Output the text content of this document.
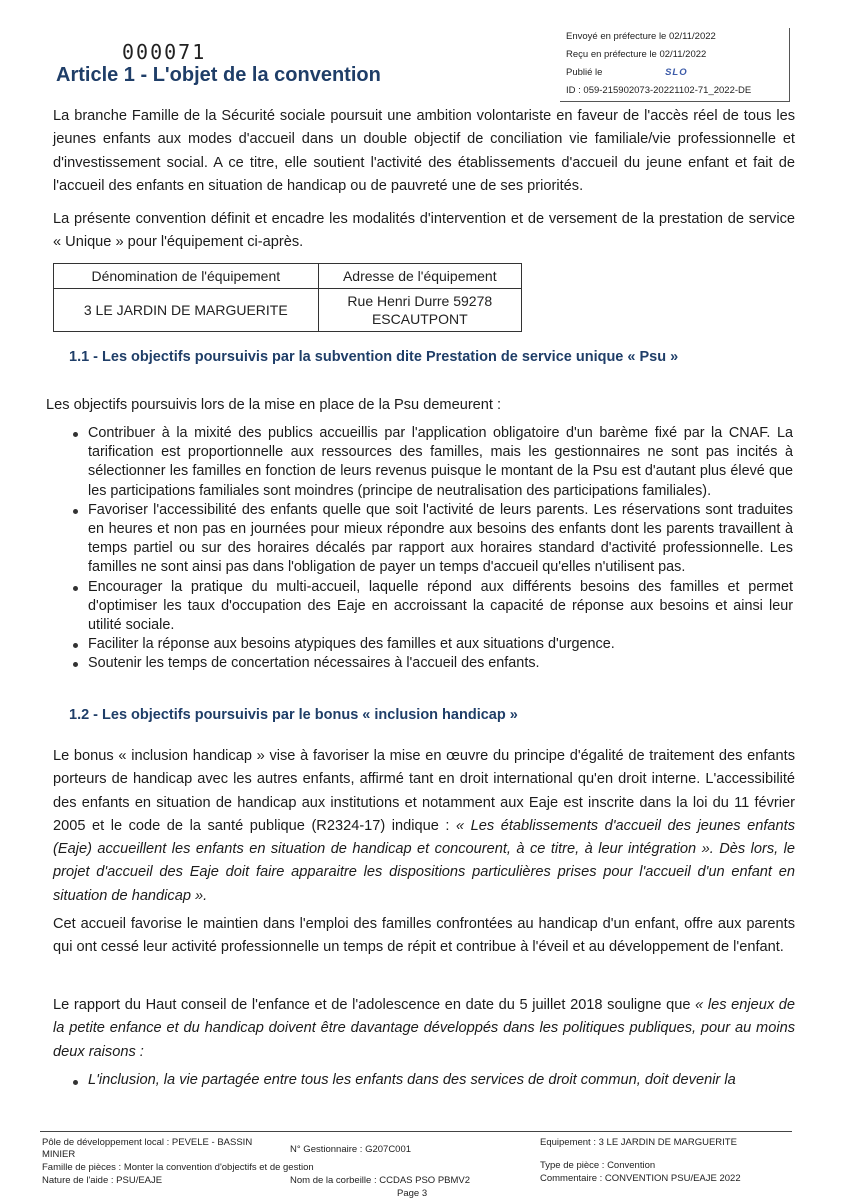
000071
Article 1 - L'objet de la convention
Envoyé en préfecture le 02/11/2022
Reçu en préfecture le 02/11/2022
Publié le	SLO
ID : 059-215902073-20221102-71_2022-DE
La branche Famille de la Sécurité sociale poursuit une ambition volontariste en faveur de l'accès réel de tous les jeunes enfants aux modes d'accueil dans un double objectif de conciliation vie familiale/vie professionnelle et d'investissement social. A ce titre, elle soutient l'activité des établissements d'accueil du jeune enfant et fait de l'accueil des enfants en situation de handicap ou de pauvreté une de ses priorités.
La présente convention définit et encadre les modalités d'intervention et de versement de la prestation de service « Unique » pour l'équipement ci-après.
Dénomination de l'équipement	Adresse de l'équipement
3 LE JARDIN DE MARGUERITE	Rue Henri Durre 59278
ESCAUTPONT
1.1 - Les objectifs poursuivis par la subvention dite Prestation de service unique « Psu »
Les objectifs poursuivis lors de la mise en place de la Psu demeurent :
Contribuer à la mixité des publics accueillis par l'application obligatoire d'un barème fixé par la CNAF. La tarification est proportionnelle aux ressources des familles, mais les gestionnaires ne sont pas incités à sélectionner les familles en fonction de leurs revenus puisque le montant de la Psu est d'autant plus élevé que les participations familiales sont moindres (principe de neutralisation des participations familiales).
Favoriser l'accessibilité des enfants quelle que soit l'activité de leurs parents. Les réservations sont traduites en heures et non pas en journées pour mieux répondre aux besoins des enfants dont les parents travaillent à temps partiel ou sur des horaires décalés par rapport aux horaires standard d'activité professionnelle. Les familles ne sont ainsi pas dans l'obligation de payer un temps d'accueil qu'elles n'utilisent pas.
Encourager la pratique du multi-accueil, laquelle répond aux différents besoins des familles et permet d'optimiser les taux d'occupation des Eaje en accroissant la capacité de réponse aux besoins et ainsi leur utilité sociale.
Faciliter la réponse aux besoins atypiques des familles et aux situations d'urgence.
Soutenir les temps de concertation nécessaires à l'accueil des enfants.
1.2 - Les objectifs poursuivis par le bonus « inclusion handicap »
Le bonus « inclusion handicap » vise à favoriser la mise en œuvre du principe d'égalité de traitement des enfants porteurs de handicap avec les autres enfants, affirmé tant en droit international qu'en droit interne. L'accessibilité des enfants en situation de handicap aux institutions et notamment aux Eaje est inscrite dans la loi du 11 février 2005 et le code de la santé publique (R2324-17) indique : « Les établissements d'accueil des jeunes enfants (Eaje) accueillent les enfants en situation de handicap et concourent, à ce titre, à leur intégration ». Dès lors, le projet d'accueil des Eaje doit faire apparaitre les dispositions particulières prises pour l'accueil d'un enfant en situation de handicap ».
Cet accueil favorise le maintien dans l'emploi des familles confrontées au handicap d'un enfant, offre aux parents qui ont cessé leur activité professionnelle un temps de répit et contribue à l'éveil et au développement de l'enfant.
Le rapport du Haut conseil de l'enfance et de l'adolescence en date du 5 juillet 2018 souligne que « les enjeux de la petite enfance et du handicap doivent être davantage développés dans les politiques publiques, pour au moins deux raisons :
L'inclusion, la vie partagée entre tous les enfants dans des services de droit commun, doit devenir la
Pôle de développement local : PEVELE - BASSIN MINIER	N° Gestionnaire : G207C001
Equipement : 3 LE JARDIN DE MARGUERITE
Famille de pièces : Monter la convention d'objectifs et de gestion	Type de pièce : Convention
Nature de l'aide : PSU/EAJE	Nom de la corbeille : CCDAS PSO PBMV2	Commentaire : CONVENTION PSU/EAJE 2022
Page 3
